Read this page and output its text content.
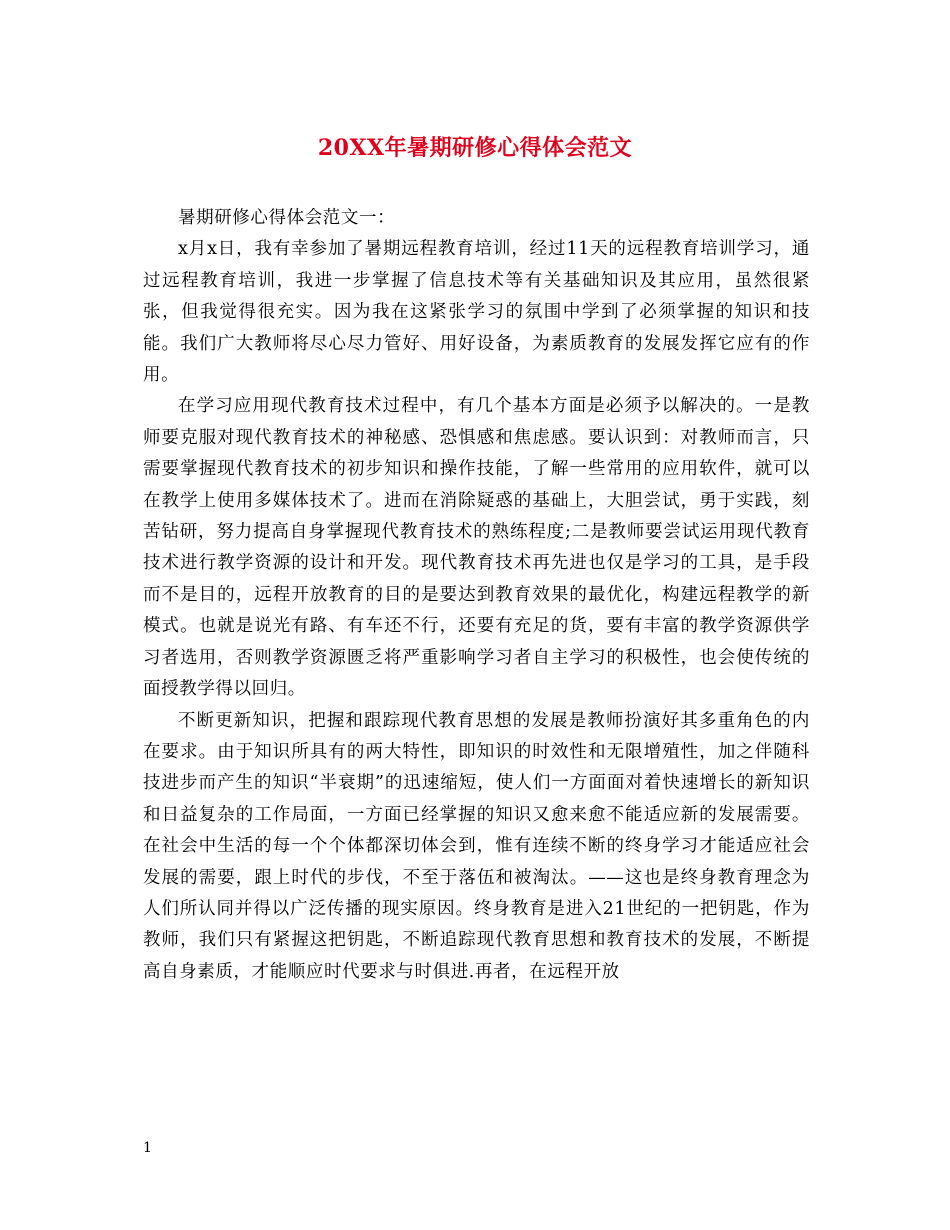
20XX年暑期研修心得体会范文

暑期研修心得体会范文一：

x月x日，我有幸参加了暑期远程教育培训，经过11天的远程教育培训学习，通过远程教育培训，我进一步掌握了信息技术等有关基础知识及其应用，虽然很紧张，但我觉得很充实。因为我在这紧张学习的氛围中学到了必须掌握的知识和技能。我们广大教师将尽心尽力管好、用好设备，为素质教育的发展发挥它应有的作用。

在学习应用现代教育技术过程中，有几个基本方面是必须予以解决的。一是教师要克服对现代教育技术的神秘感、恐惧感和焦虑感。要认识到：对教师而言，只需要掌握现代教育技术的初步知识和操作技能，了解一些常用的应用软件，就可以在教学上使用多媒体技术了。进而在消除疑惑的基础上，大胆尝试，勇于实践，刻苦钻研，努力提高自身掌握现代教育技术的熟练程度;二是教师要尝试运用现代教育技术进行教学资源的设计和开发。现代教育技术再先进也仅是学习的工具，是手段而不是目的，远程开放教育的目的是要达到教育效果的最优化，构建远程教学的新模式。也就是说光有路、有车还不行，还要有充足的货，要有丰富的教学资源供学习者选用，否则教学资源匮乏将严重影响学习者自主学习的积极性，也会使传统的面授教学得以回归。

不断更新知识，把握和跟踪现代教育思想的发展是教师扮演好其多重角色的内在要求。由于知识所具有的两大特性，即知识的时效性和无限增殖性，加之伴随科技进步而产生的知识“半衰期”的迅速缩短，使人们一方面面对着快速增长的新知识和日益复杂的工作局面，一方面已经掌握的知识又愈来愈不能适应新的发展需要。在社会中生活的每一个个体都深切体会到，惟有连续不断的终身学习才能适应社会发展的需要，跟上时代的步伐，不至于落伍和被淘汰。——这也是终身教育理念为人们所认同并得以广泛传播的现实原因。终身教育是进入21世纪的一把钥匙，作为教师，我们只有紧握这把钥匙，不断追踪现代教育思想和教育技术的发展，不断提高自身素质，才能顺应时代要求与时俱进.再者，在远程开放

1
